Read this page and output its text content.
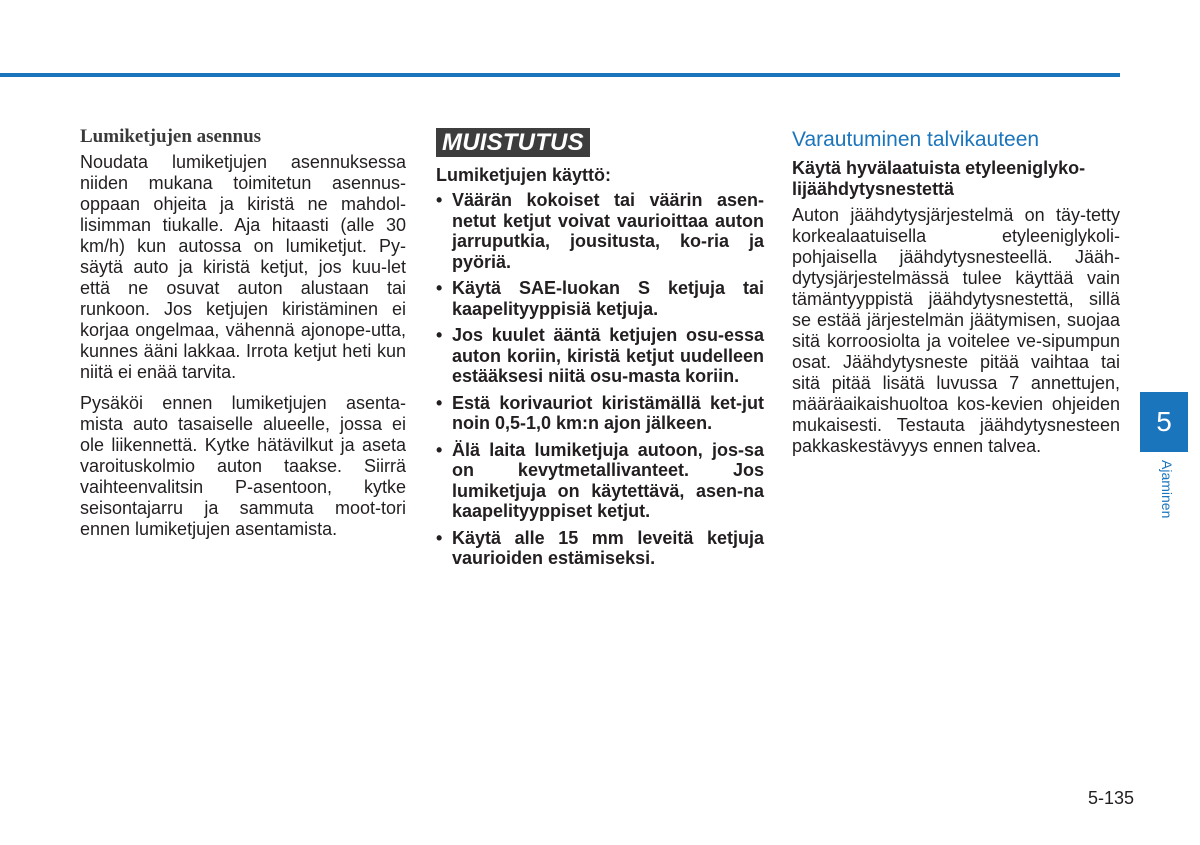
Lumiketjujen asennus

Noudata lumiketjujen asennuksessa niiden mukana toimitetun asennus-oppaan ohjeita ja kiristä ne mahdol-lisimman tiukalle. Aja hitaasti (alle 30 km/h) kun autossa on lumiketjut. Py-säytä auto ja kiristä ketjut, jos kuu-let että ne osuvat auton alustaan tai runkoon. Jos ketjujen kiristäminen ei korjaa ongelmaa, vähennä ajonope-utta, kunnes ääni lakkaa. Irrota ketjut heti kun niitä ei enää tarvita.

Pysäköi ennen lumiketjujen asenta-mista auto tasaiselle alueelle, jossa ei ole liikennettä. Kytke hätävilkut ja aseta varoituskolmio auton taakse. Siirrä vaihteenvalitsin P-asentoon, kytke seisontajarru ja sammuta moot-tori ennen lumiketjujen asentamista.

MUISTUTUS
Lumiketjujen käyttö:
• Väärän kokoiset tai väärin asen-netut ketjut voivat vaurioittaa auton jarruputkia, jousitusta, ko-ria ja pyöriä.
• Käytä SAE-luokan S ketjuja tai kaapelityyppisiä ketjuja.
• Jos kuulet ääntä ketjujen osu-essa auton koriin, kiristä ketjut uudelleen estääksesi niitä osu-masta koriin.
• Estä korivauriot kiristämällä ket-jut noin 0,5-1,0 km:n ajon jälkeen.
• Älä laita lumiketjuja autoon, jos-sa on kevytmetallivanteet. Jos lumiketjuja on käytettävä, asen-na kaapelityyppiset ketjut.
• Käytä alle 15 mm leveitä ketjuja vaurioiden estämiseksi.
Varautuminen talvikauteen
Käytä hyvälaatuista etyleeniglyko-lijäähdytysnestettä

Auton jäähdytysjärjestelmä on täy-tetty korkealaatuisella etyleeniglykoli-pohjaisella jäähdytysnesteellä. Jääh-dytysjärjestelmässä tulee käyttää vain tämäntyyppistä jäähdytysnestettä, sillä se estää järjestelmän jäätymisen, suojaa sitä korroosiolta ja voitelee ve-sipumpun osat. Jäähdytysneste pitää vaihtaa tai sitä pitää lisätä luvussa 7 annettujen, määräaikaishuoltoa kos-kevien ohjeiden mukaisesti. Testauta jäähdytysnesteen pakkaskestävyys ennen talvea.

5
Ajaminen
5-135
